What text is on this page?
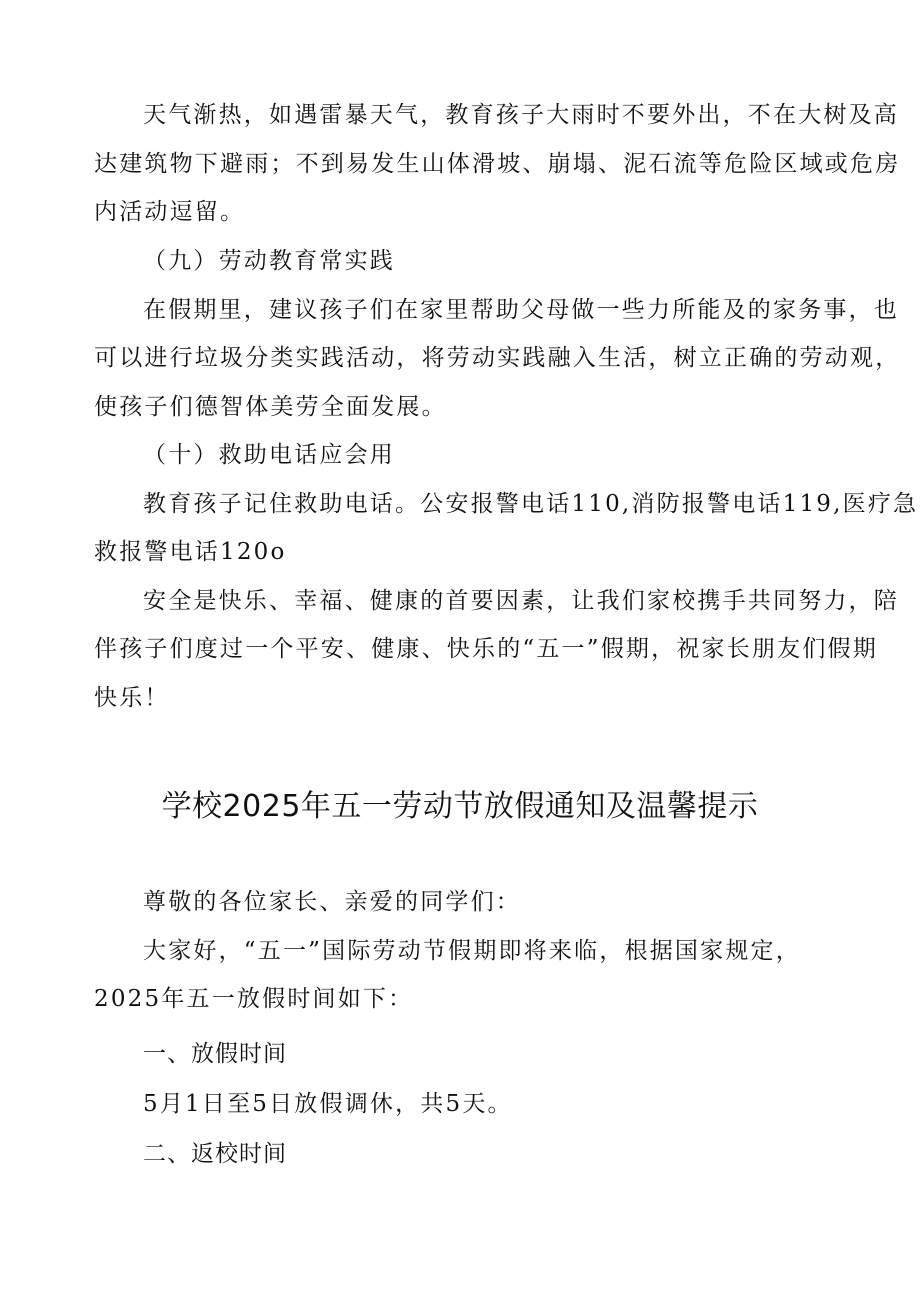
天气渐热，如遇雷暴天气，教育孩子大雨时不要外出，不在大树及高
达建筑物下避雨；不到易发生山体滑坡、崩塌、泥石流等危险区域或危房
内活动逗留。
（九）劳动教育常实践
在假期里，建议孩子们在家里帮助父母做一些力所能及的家务事，也
可以进行垃圾分类实践活动，将劳动实践融入生活，树立正确的劳动观，
使孩子们德智体美劳全面发展。
（十）救助电话应会用
教育孩子记住救助电话。公安报警电话110,消防报警电话119,医疗急
救报警电话120o
安全是快乐、幸福、健康的首要因素，让我们家校携手共同努力，陪
伴孩子们度过一个平安、健康、快乐的“五一”假期，祝家长朋友们假期
快乐！
学校2025年五一劳动节放假通知及温馨提示
尊敬的各位家长、亲爱的同学们：
大家好，“五一”国际劳动节假期即将来临，根据国家规定，
2025年五一放假时间如下：
一、放假时间
5月1日至5日放假调休，共5天。
二、返校时间
